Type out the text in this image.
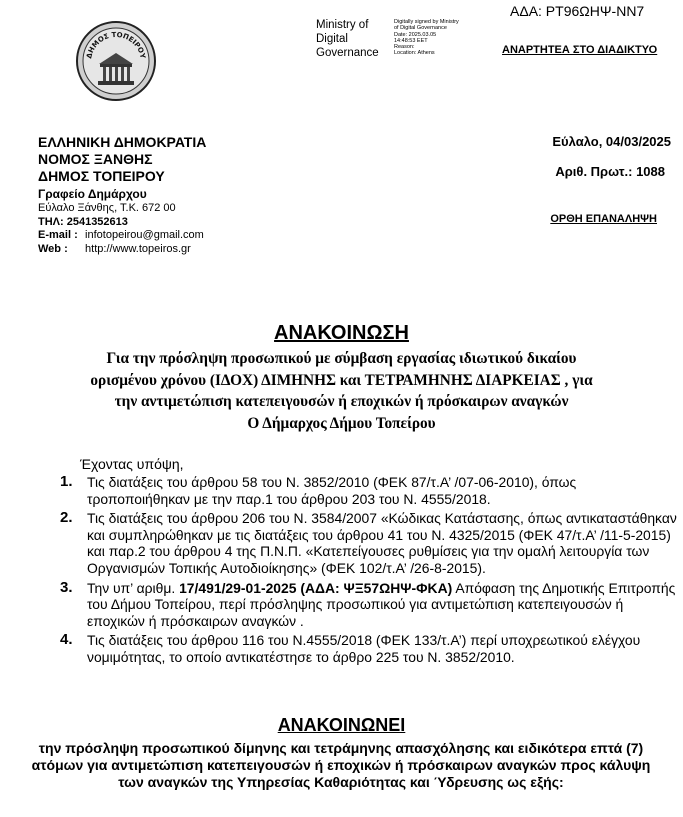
ΑΔΑ: ΡΤ96ΩΗΨ-ΝΝ7
Ministry of
Digital
Governance
Digitally signed by Ministry
of Digital Governance
Date: 2025.03.05
14:48:53 EET
Reason:
Location: Athens	ΑΝΑΡΤΗΤΕΑ ΣΤΟ ΔΙΑΔΙΚΤΥΟ
ΔΗΜΟΣ ΤΟΠΕΙΡΟΥ
ΕΛΛΗΝΙΚΗ ΔΗΜΟΚΡΑΤΙΑ
ΝΟΜΟΣ ΞΑΝΘΗΣ
ΔΗΜΟΣ ΤΟΠΕΙΡΟΥ
Γραφείο Δημάρχου
Εύλαλο Ξάνθης, Τ.Κ. 672 00
ΤΗΛ: 2541352613
E-mail : infotopeirou@gmail.com
Web : http://www.topeiros.gr
Εύλαλο, 04/03/2025
Αριθ. Πρωτ.: 1088
ΟΡΘΗ ΕΠΑΝΑΛΗΨΗ
ΑΝΑΚΟΙΝΩΣΗ
Για την πρόσληψη προσωπικού με σύμβαση εργασίας ιδιωτικού δικαίου
ορισμένου χρόνου (ΙΔΟΧ) ΔΙΜΗΝΗΣ και ΤΕΤΡΑΜΗΝΗΣ ΔΙΑΡΚΕΙΑΣ , για
την αντιμετώπιση κατεπειγουσών ή εποχικών ή πρόσκαιρων αναγκών
Ο Δήμαρχος Δήμου Τοπείρου
Έχοντας υπόψη,
1. Τις διατάξεις του άρθρου 58 του Ν. 3852/2010 (ΦΕΚ 87/τ.Α’ /07-06-2010), όπως τροποποιήθηκαν με την παρ.1 του άρθρου 203 του Ν. 4555/2018.
2. Τις διατάξεις του άρθρου 206 του Ν. 3584/2007 «Κώδικας Κατάστασης, όπως αντικαταστάθηκαν και συμπληρώθηκαν με τις διατάξεις του άρθρου 41 του Ν. 4325/2015 (ΦΕΚ 47/τ.Α’ /11-5-2015) και παρ.2 του άρθρου 4 της Π.Ν.Π. «Κατεπείγουσες ρυθμίσεις για την ομαλή λειτουργία των Οργανισμών Τοπικής Αυτοδιοίκησης» (ΦΕΚ 102/τ.Α’ /26-8-2015).
3. Την υπ’ αριθμ. 17/491/29-01-2025 (ΑΔΑ: ΨΞ57ΩΗΨ-ΦΚΑ) Απόφαση της Δημοτικής Επιτροπής του Δήμου Τοπείρου, περί πρόσληψης προσωπικού για αντιμετώπιση κατεπειγουσών ή εποχικών ή πρόσκαιρων αναγκών .
4. Τις διατάξεις του άρθρου 116 του Ν.4555/2018 (ΦΕΚ 133/τ.Α’) περί υποχρεωτικού ελέγχου νομιμότητας, το οποίο αντικατέστησε το άρθρο 225 του Ν. 3852/2010.
ΑΝΑΚΟΙΝΩΝΕΙ
την πρόσληψη προσωπικού δίμηνης και τετράμηνης απασχόλησης και ειδικότερα επτά (7) ατόμων για αντιμετώπιση κατεπειγουσών ή εποχικών ή πρόσκαιρων αναγκών προς κάλυψη των αναγκών της Υπηρεσίας Καθαριότητας και Ύδρευσης ως εξής:
